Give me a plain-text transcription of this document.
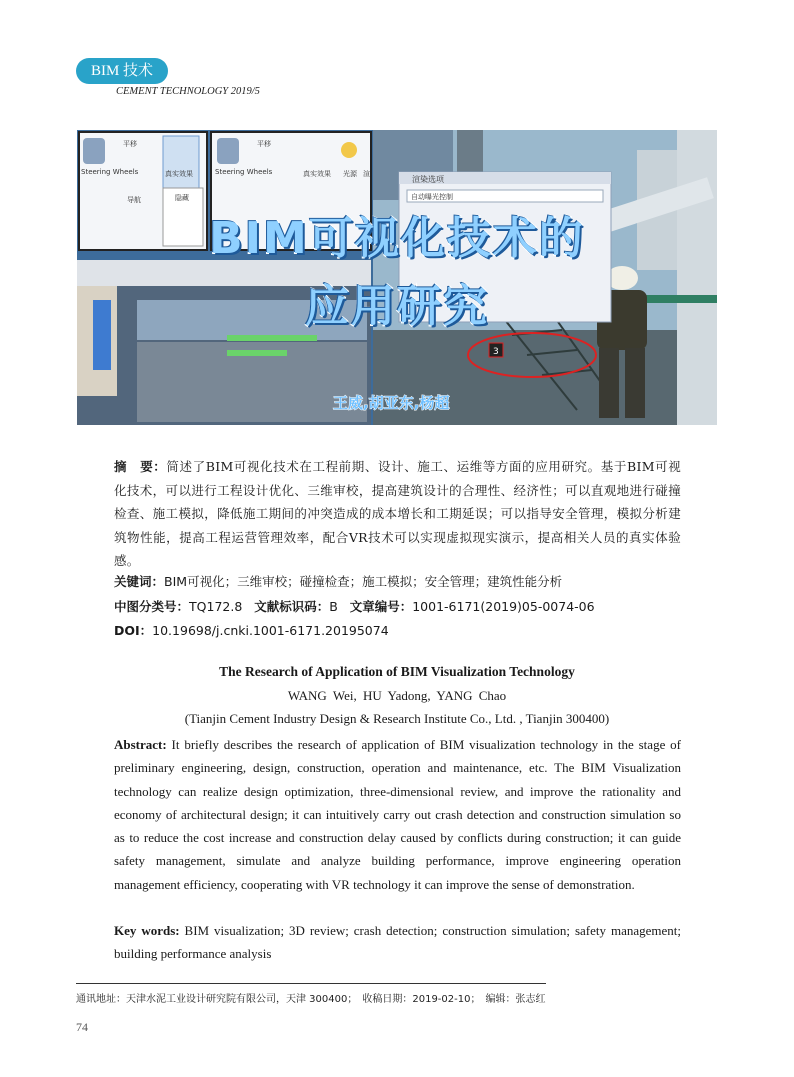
BIM 技术
CEMENT TECHNOLOGY 2019/5
渲染选项
自动曝光控制
3
Steering Wheels
平移
真实效果
导航	隐藏
Steering Wheels
平移
真实效果 光源 渲
BIM可视化技术的
应用研究
王威,胡亚东,杨超
摘　要：简述了BIM可视化技术在工程前期、设计、施工、运维等方面的应用研究。基于BIM可视化技术，可以进行工程设计优化、三维审校，提高建筑设计的合理性、经济性；可以直观地进行碰撞检查、施工模拟，降低施工期间的冲突造成的成本增长和工期延误；可以指导安全管理，模拟分析建筑物性能，提高工程运营管理效率，配合VR技术可以实现虚拟现实演示，提高相关人员的真实体验感。
关键词：BIM可视化；三维审校；碰撞检查；施工模拟；安全管理；建筑性能分析
中图分类号：TQ172.8 文献标识码：B 文章编号：1001-6171(2019)05-0074-06
DOI：10.19698/j.cnki.1001-6171.20195074
The Research of Application of BIM Visualization Technology
WANG Wei, HU Yadong, YANG Chao
(Tianjin Cement Industry Design & Research Institute Co., Ltd. , Tianjin 300400)
Abstract: It briefly describes the research of application of BIM visualization technology in the stage of preliminary engineering, design, construction, operation and maintenance, etc. The BIM Visualization technology can realize design optimization, three-dimensional review, and improve the rationality and economy of architectural design; it can intuitively carry out crash detection and construction simulation so as to reduce the cost increase and construction delay caused by conflicts during construction; it can guide safety management, simulate and analyze building performance, improve engineering operation management efficiency, cooperating with VR technology it can improve the sense of demonstration.
Key words: BIM visualization; 3D review; crash detection; construction simulation; safety management; building performance analysis
通讯地址：天津水泥工业设计研究院有限公司，天津 300400；　收稿日期：2019-02-10；　编辑：张志红
74
